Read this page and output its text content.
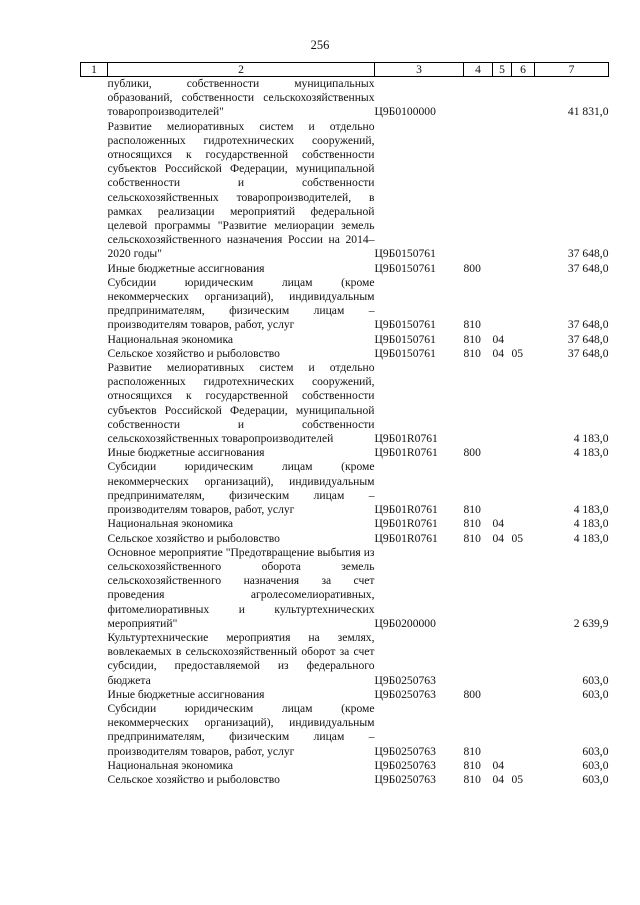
256
1	2	3	4	5	6	7
	публики, собственности муниципальных образований, собственности сельскохозяйственных товаропроизводителей"	Ц9Б0100000				41 831,0
	Развитие мелиоративных систем и отдельно расположенных гидротехнических сооружений, относящихся к государственной собственности субъектов Российской Федерации, муниципальной собственности и собственности сельскохозяйственных товаропроизводителей, в рамках реализации мероприятий федеральной целевой программы "Развитие мелиорации земель сельскохозяйственного назначения России на 2014–2020 годы"	Ц9Б0150761				37 648,0
	Иные бюджетные ассигнования	Ц9Б0150761	800			37 648,0
	Субсидии юридическим лицам (кроме некоммерческих организаций), индивидуальным предпринимателям, физическим лицам – производителям товаров, работ, услуг	Ц9Б0150761	810			37 648,0
	Национальная экономика	Ц9Б0150761	810	04		37 648,0
	Сельское хозяйство и рыболовство	Ц9Б0150761	810	04	05	37 648,0
	Развитие мелиоративных систем и отдельно расположенных гидротехнических сооружений, относящихся к государственной собственности субъектов Российской Федерации, муниципальной собственности и собственности сельскохозяйственных товаропроизводителей	Ц9Б01R0761				4 183,0
	Иные бюджетные ассигнования	Ц9Б01R0761	800			4 183,0
	Субсидии юридическим лицам (кроме некоммерческих организаций), индивидуальным предпринимателям, физическим лицам – производителям товаров, работ, услуг	Ц9Б01R0761	810			4 183,0
	Национальная экономика	Ц9Б01R0761	810	04		4 183,0
	Сельское хозяйство и рыболовство	Ц9Б01R0761	810	04	05	4 183,0
	Основное мероприятие "Предотвращение выбытия из сельскохозяйственного оборота земель сельскохозяйственного назначения за счет проведения агролесомелиоративных, фитомелиоративных и культуртехнических мероприятий"	Ц9Б0200000				2 639,9
	Культуртехнические мероприятия на землях, вовлекаемых в сельскохозяйственный оборот за счет субсидии, предоставляемой из федерального бюджета	Ц9Б0250763				603,0
	Иные бюджетные ассигнования	Ц9Б0250763	800			603,0
	Субсидии юридическим лицам (кроме некоммерческих организаций), индивидуальным предпринимателям, физическим лицам – производителям товаров, работ, услуг	Ц9Б0250763	810			603,0
	Национальная экономика	Ц9Б0250763	810	04		603,0
	Сельское хозяйство и рыболовство	Ц9Б0250763	810	04	05	603,0
